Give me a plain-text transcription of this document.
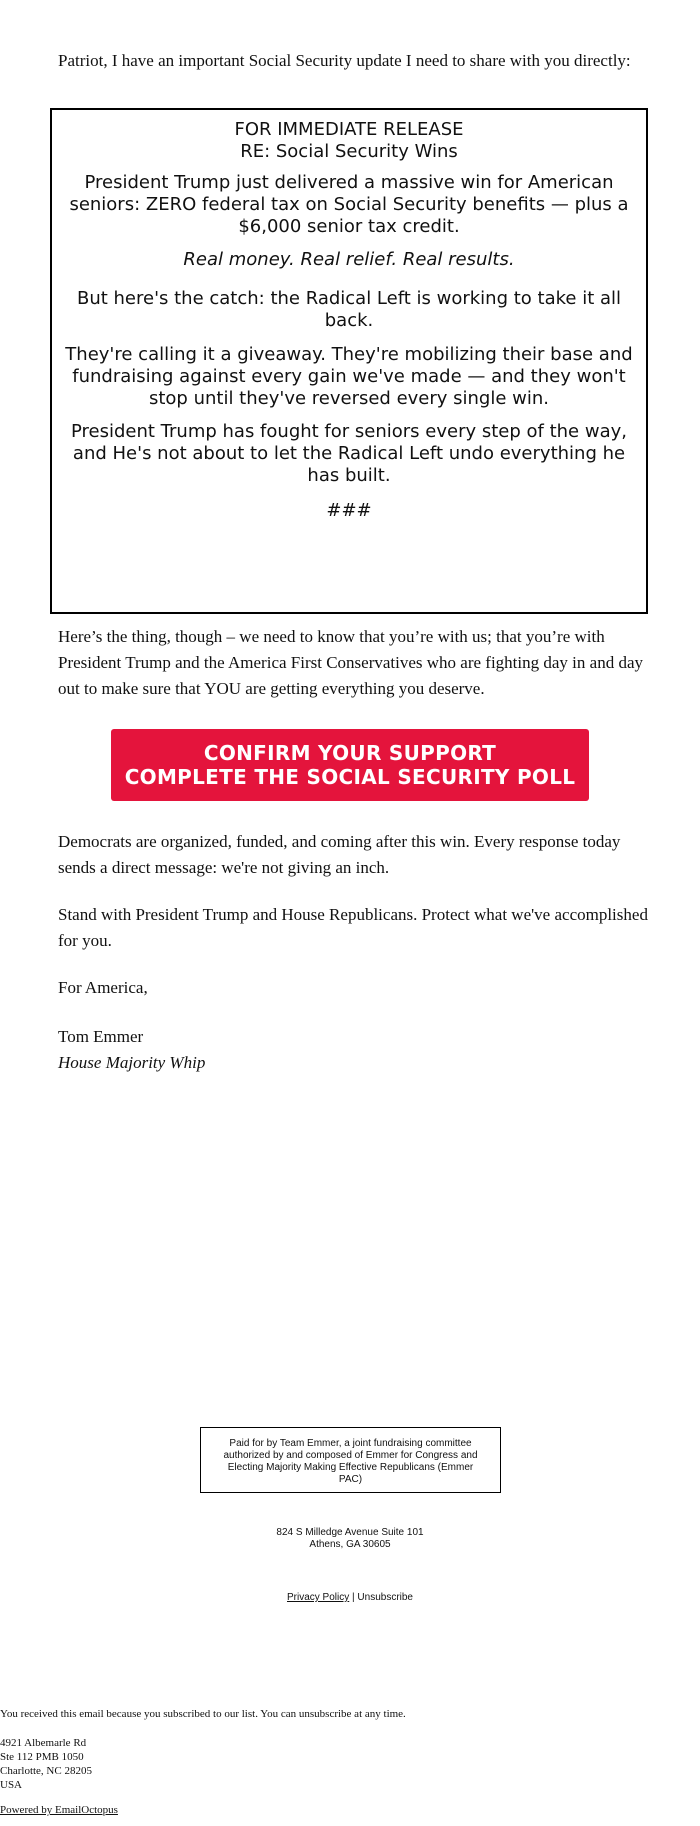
Patriot, I have an important Social Security update I need to share with you directly:

FOR IMMEDIATE RELEASE
RE: Social Security Wins
President Trump just delivered a massive win for American seniors: ZERO federal tax on Social Security benefits — plus a $6,000 senior tax credit.
Real money. Real relief. Real results.
But here's the catch: the Radical Left is working to take it all back.
They're calling it a giveaway. They're mobilizing their base and fundraising against every gain we've made — and they won't stop until they've reversed every single win.
President Trump has fought for seniors every step of the way, and He's not about to let the Radical Left undo everything he has built.
###

Here’s the thing, though – we need to know that you’re with us; that you’re with President Trump and the America First Conservatives who are fighting day in and day out to make sure that YOU are getting everything you deserve.

CONFIRM YOUR SUPPORT
COMPLETE THE SOCIAL SECURITY POLL

Democrats are organized, funded, and coming after this win. Every response today sends a direct message: we're not giving an inch.

Stand with President Trump and House Republicans. Protect what we've accomplished for you.

For America,

Tom Emmer

House Majority Whip

Paid for by Team Emmer, a joint fundraising committee authorized by and composed of Emmer for Congress and Electing Majority Making Effective Republicans (Emmer PAC)
824 S Milledge Avenue Suite 101
Athens, GA 30605
Privacy Policy | Unsubscribe
You received this email because you subscribed to our list. You can unsubscribe at any time.
4921 Albemarle Rd
Ste 112 PMB 1050
Charlotte, NC 28205
USA
Powered by EmailOctopus
